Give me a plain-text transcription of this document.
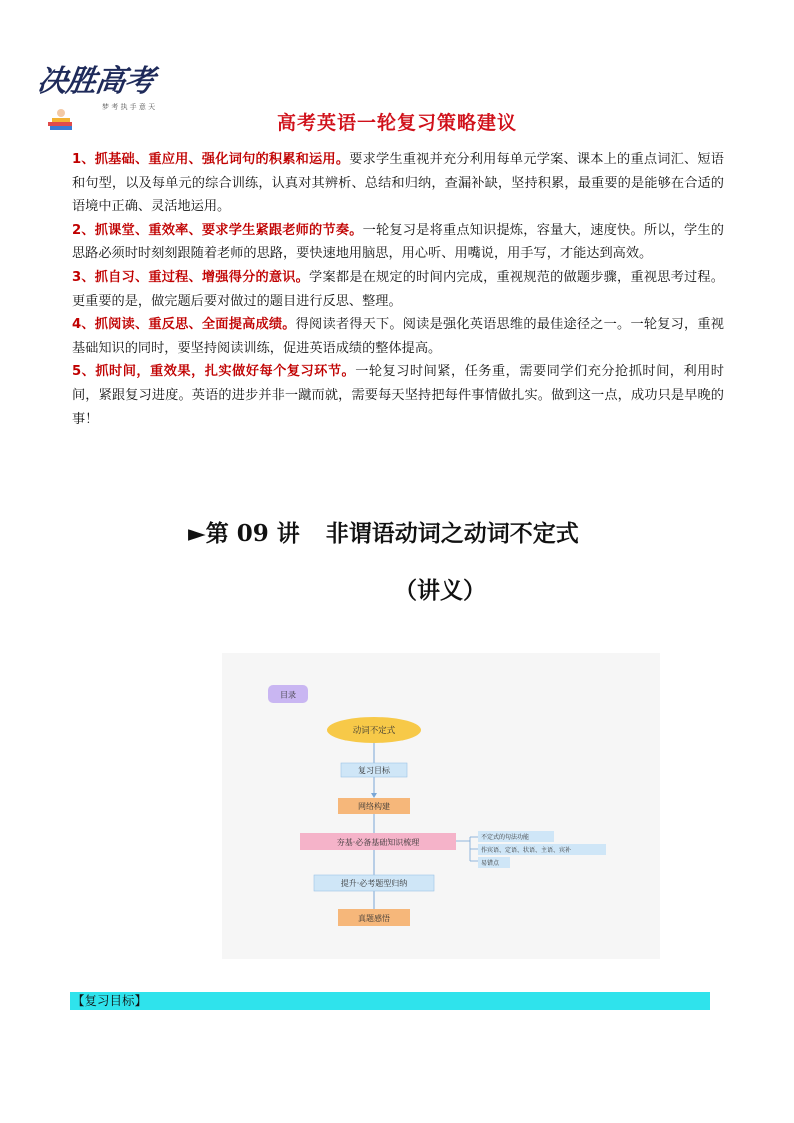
决胜高考
梦 考 执 手 意 天
高考英语一轮复习策略建议

1、抓基础、重应用、强化词句的积累和运用。要求学生重视并充分利用每单元学案、课本上的重点词汇、短语和句型，以及每单元的综合训练，认真对其辨析、总结和归纳，查漏补缺，坚持积累，最重要的是能够在合适的语境中正确、灵活地运用。

2、抓课堂、重效率、要求学生紧跟老师的节奏。一轮复习是将重点知识提炼，容量大，速度快。所以，学生的思路必须时时刻刻跟随着老师的思路，要快速地用脑思，用心听、用嘴说，用手写，才能达到高效。

3、抓自习、重过程、增强得分的意识。学案都是在规定的时间内完成，重视规范的做题步骤，重视思考过程。更重要的是，做完题后要对做过的题目进行反思、整理。

4、抓阅读、重反思、全面提高成绩。得阅读者得天下。阅读是强化英语思维的最佳途径之一。一轮复习，重视基础知识的同时，要坚持阅读训练，促进英语成绩的整体提高。

5、抓时间，重效果，扎实做好每个复习环节。一轮复习时间紧，任务重，需要同学们充分抢抓时间，利用时间，紧跟复习进度。英语的进步并非一蹴而就，需要每天坚持把每件事情做扎实。做到这一点，成功只是早晚的事！

►第 09 讲 非谓语动词之动词不定式
（讲义）
目录
动词不定式
复习目标
网络构建
夯基·必备基础知识梳理
不定式的句法功能
作宾语、定语、状语、主语、宾补
易错点
提升·必考题型归纳
真题感悟
【复习目标】
